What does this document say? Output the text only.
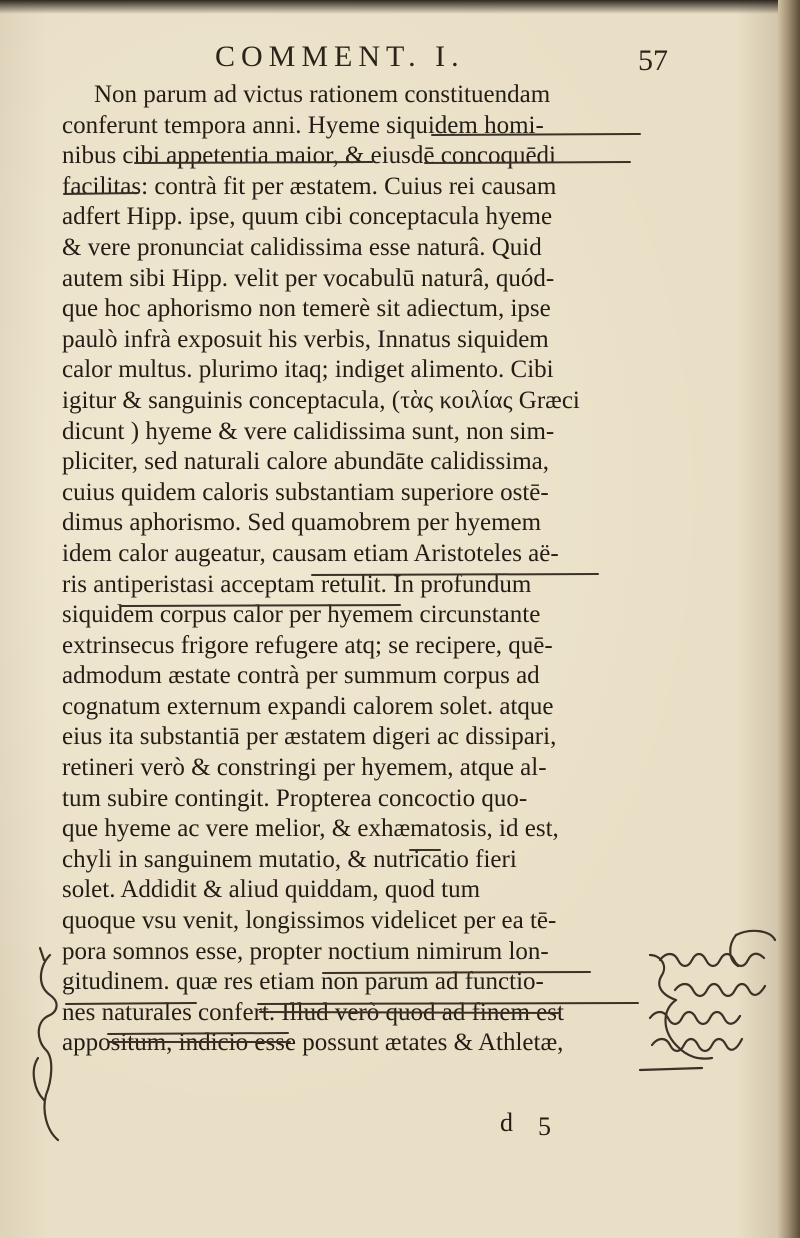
COMMENT. I.	57
Non parum ad victus rationem constituendam
conferunt tempora anni. Hyeme siquidem homi-
nibus cibi appetentia maior, & eiusdē concoquēdi
facilitas: contrà fit per æstatem. Cuius rei causam
adfert Hipp. ipse, quum cibi conceptacula hyeme
& vere pronunciat calidissima esse naturâ. Quid
autem sibi Hipp. velit per vocabulū naturâ, quód-
que hoc aphorismo non temerè sit adiectum, ipse
paulò infrà exposuit his verbis, Innatus siquidem
calor multus. plurimo itaq; indiget alimento. Cibi
igitur & sanguinis conceptacula, (τὰς κοιλίας Græci
dicunt ) hyeme & vere calidissima sunt, non sim-
pliciter, sed naturali calore abundāte calidissima,
cuius quidem caloris substantiam superiore ostē-
dimus aphorismo. Sed quamobrem per hyemem
idem calor augeatur, causam etiam Aristoteles aë-
ris antiperistasi acceptam retulit. In profundum
siquidem corpus calor per hyemem circunstante
extrinsecus frigore refugere atq; se recipere, quē-
admodum æstate contrà per summum corpus ad
cognatum externum expandi calorem solet. atque
eius ita substantiā per æstatem digeri ac dissipari,
retineri verò & constringi per hyemem, atque al-
tum subire contingit. Propterea concoctio quo-
que hyeme ac vere melior, & exhæmatosis, id est,
chyli in sanguinem mutatio, & nutricatio fieri
solet. Addidit & aliud quiddam, quod tum
quoque vsu venit, longissimos videlicet per ea tē-
pora somnos esse, propter noctium nimirum lon-
gitudinem. quæ res etiam non parum ad functio-
nes naturales confert. Illud verò quod ad finem est
appositum, indicio esse possunt ætates & Athletæ,
d 5
